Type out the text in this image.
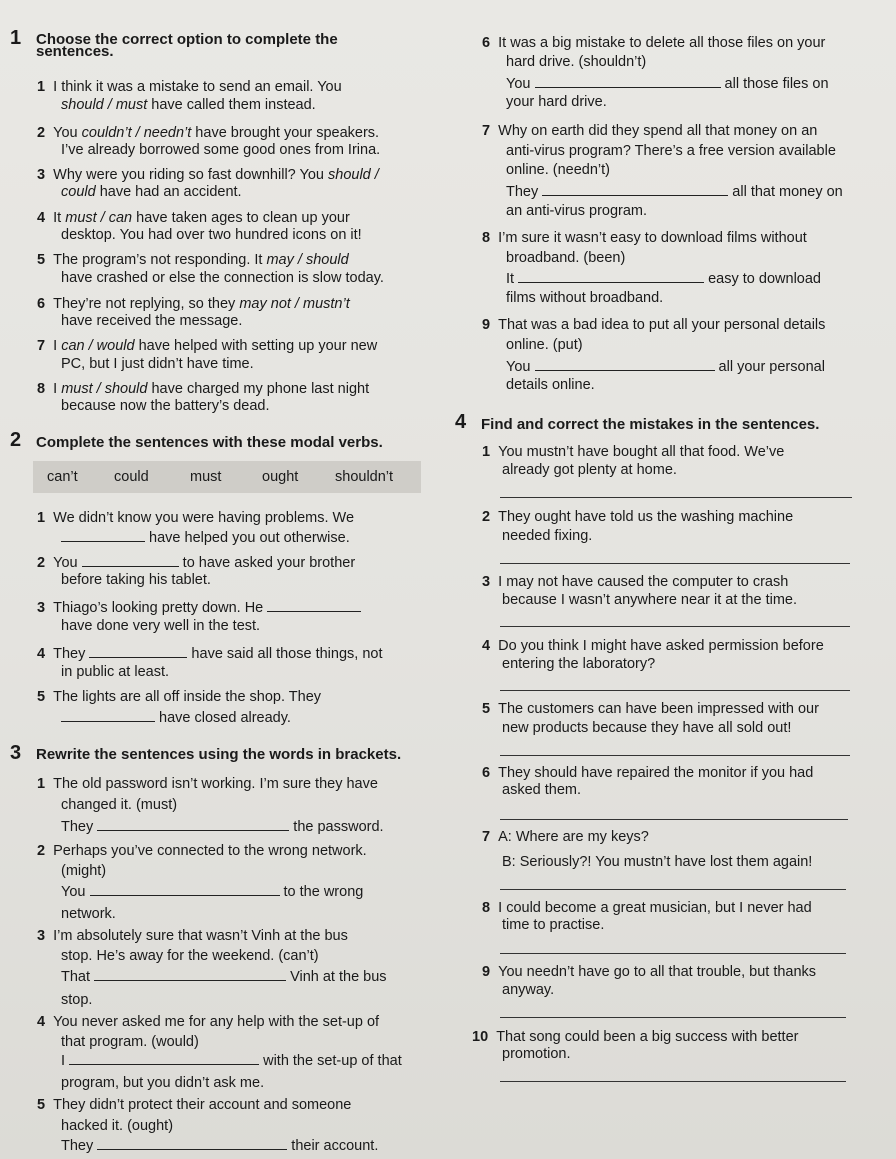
1 Choose the correct option to complete the
sentences.
1 I think it was a mistake to send an email. You
should / must have called them instead.
2 You couldn’t / needn’t have brought your speakers.
I’ve already borrowed some good ones from Irina.
3 Why were you riding so fast downhill? You should /
could have had an accident.
4 It must / can have taken ages to clean up your
desktop. You had over two hundred icons on it!
5 The program’s not responding. It may / should
have crashed or else the connection is slow today.
6 They’re not replying, so they may not / mustn’t
have received the message.
7 I can / would have helped with setting up your new
PC, but I just didn’t have time.
8 I must / should have charged my phone last night
because now the battery’s dead.
2 Complete the sentences with these modal verbs.
can’t	could	must	ought	shouldn’t
1 We didn’t know you were having problems. We
have helped you out otherwise.
2 You	to have asked your brother
before taking his tablet.
3 Thiago’s looking pretty down. He
have done very well in the test.
4 They	have said all those things, not
in public at least.
5 The lights are all off inside the shop. They
have closed already.
3 Rewrite the sentences using the words in brackets.
1 The old password isn’t working. I’m sure they have
changed it. (must)
They	the password.
2 Perhaps you’ve connected to the wrong network.
(might)
You	to the wrong
network.
3 I’m absolutely sure that wasn’t Vinh at the bus
stop. He’s away for the weekend. (can’t)
That	Vinh at the bus
stop.
4 You never asked me for any help with the set-up of
that program. (would)
I	with the set-up of that
program, but you didn’t ask me.
5 They didn’t protect their account and someone
hacked it. (ought)
They	their account.
6 It was a big mistake to delete all those files on your
hard drive. (shouldn’t)
You	all those files on
your hard drive.
7 Why on earth did they spend all that money on an
anti-virus program? There’s a free version available
online. (needn’t)
They	all that money on
an anti-virus program.
8 I’m sure it wasn’t easy to download films without
broadband. (been)
It	easy to download
films without broadband.
9 That was a bad idea to put all your personal details
online. (put)
You	all your personal
details online.
4 Find and correct the mistakes in the sentences.
1 You mustn’t have bought all that food. We’ve
already got plenty at home.
2 They ought have told us the washing machine
needed fixing.
3 I may not have caused the computer to crash
because I wasn’t anywhere near it at the time.
4 Do you think I might have asked permission before
entering the laboratory?
5 The customers can have been impressed with our
new products because they have all sold out!
6 They should have repaired the monitor if you had
asked them.
7 A: Where are my keys?
B: Seriously?! You mustn’t have lost them again!
8 I could become a great musician, but I never had
time to practise.
9 You needn’t have go to all that trouble, but thanks
anyway.
10 That song could been a big success with better
promotion.
